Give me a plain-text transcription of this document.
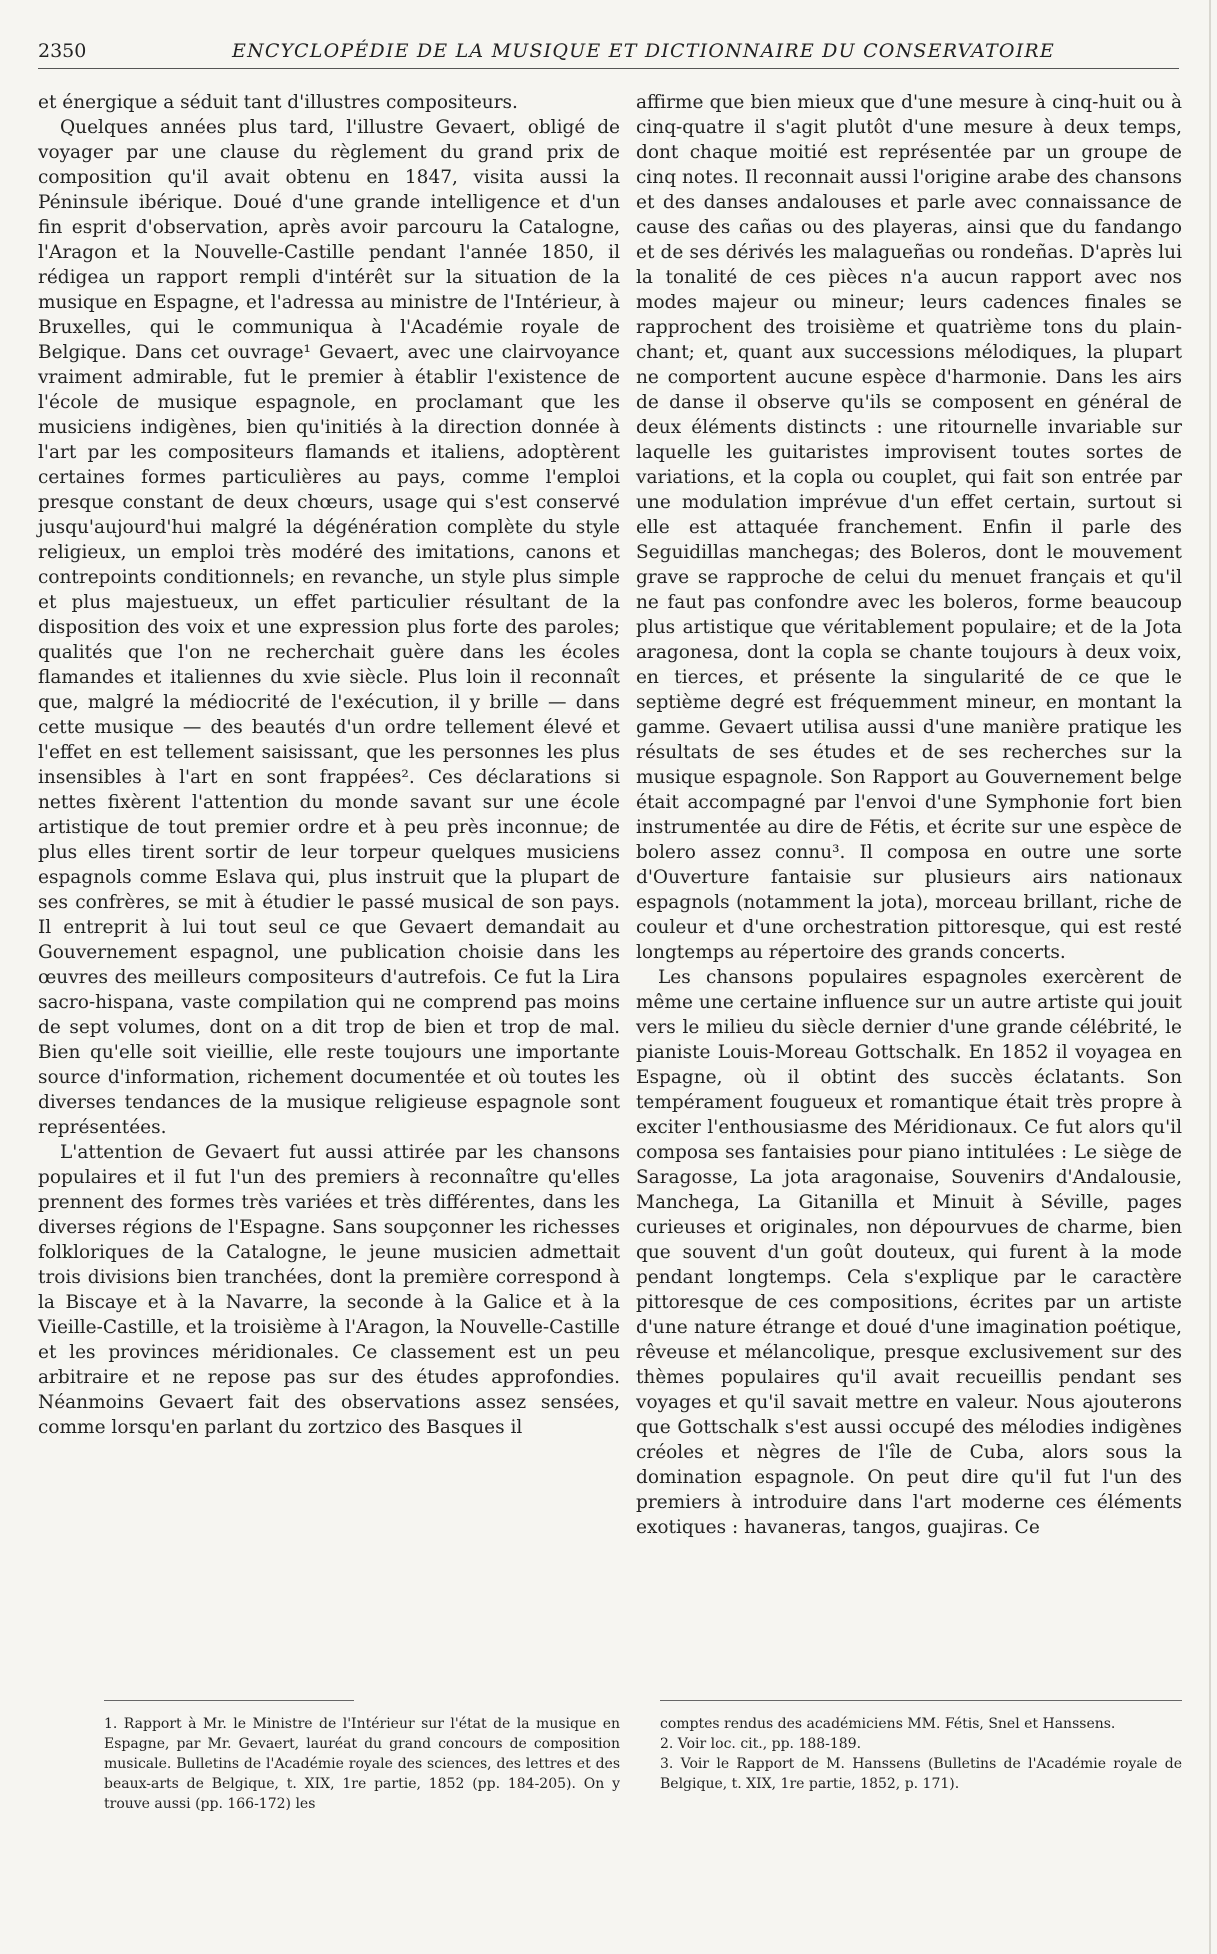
2350	ENCYCLOPÉDIE DE LA MUSIQUE ET DICTIONNAIRE DU CONSERVATOIRE

et énergique a séduit tant d'illustres compositeurs.

Quelques années plus tard, l'illustre Gevaert, obligé de voyager par une clause du règlement du grand prix de composition qu'il avait obtenu en 1847, visita aussi la Péninsule ibérique. Doué d'une grande intelligence et d'un fin esprit d'observation, après avoir parcouru la Catalogne, l'Aragon et la Nouvelle-Castille pendant l'année 1850, il rédigea un rapport rempli d'intérêt sur la situation de la musique en Espagne, et l'adressa au ministre de l'Intérieur, à Bruxelles, qui le communiqua à l'Académie royale de Belgique. Dans cet ouvrage¹ Gevaert, avec une clairvoyance vraiment admirable, fut le premier à établir l'existence de l'école de musique espagnole, en proclamant que les musiciens indigènes, bien qu'initiés à la direction donnée à l'art par les compositeurs flamands et italiens, adoptèrent certaines formes particulières au pays, comme l'emploi presque constant de deux chœurs, usage qui s'est conservé jusqu'aujourd'hui malgré la dégénération complète du style religieux, un emploi très modéré des imitations, canons et contrepoints conditionnels; en revanche, un style plus simple et plus majestueux, un effet particulier résultant de la disposition des voix et une expression plus forte des paroles; qualités que l'on ne recherchait guère dans les écoles flamandes et italiennes du xvie siècle. Plus loin il reconnaît que, malgré la médiocrité de l'exécution, il y brille — dans cette musique — des beautés d'un ordre tellement élevé et l'effet en est tellement saisissant, que les personnes les plus insensibles à l'art en sont frappées². Ces déclarations si nettes fixèrent l'attention du monde savant sur une école artistique de tout premier ordre et à peu près inconnue; de plus elles tirent sortir de leur torpeur quelques musiciens espagnols comme Eslava qui, plus instruit que la plupart de ses confrères, se mit à étudier le passé musical de son pays. Il entreprit à lui tout seul ce que Gevaert demandait au Gouvernement espagnol, une publication choisie dans les œuvres des meilleurs compositeurs d'autrefois. Ce fut la Lira sacro-hispana, vaste compilation qui ne comprend pas moins de sept volumes, dont on a dit trop de bien et trop de mal. Bien qu'elle soit vieillie, elle reste toujours une importante source d'information, richement documentée et où toutes les diverses tendances de la musique religieuse espagnole sont représentées.

L'attention de Gevaert fut aussi attirée par les chansons populaires et il fut l'un des premiers à reconnaître qu'elles prennent des formes très variées et très différentes, dans les diverses régions de l'Espagne. Sans soupçonner les richesses folkloriques de la Catalogne, le jeune musicien admettait trois divisions bien tranchées, dont la première correspond à la Biscaye et à la Navarre, la seconde à la Galice et à la Vieille-Castille, et la troisième à l'Aragon, la Nouvelle-Castille et les provinces méridionales. Ce classement est un peu arbitraire et ne repose pas sur des études approfondies. Néanmoins Gevaert fait des observations assez sensées, comme lorsqu'en parlant du zortzico des Basques il

affirme que bien mieux que d'une mesure à cinq-huit ou à cinq-quatre il s'agit plutôt d'une mesure à deux temps, dont chaque moitié est représentée par un groupe de cinq notes. Il reconnait aussi l'origine arabe des chansons et des danses andalouses et parle avec connaissance de cause des cañas ou des playeras, ainsi que du fandango et de ses dérivés les malagueñas ou rondeñas. D'après lui la tonalité de ces pièces n'a aucun rapport avec nos modes majeur ou mineur; leurs cadences finales se rapprochent des troisième et quatrième tons du plain-chant; et, quant aux successions mélodiques, la plupart ne comportent aucune espèce d'harmonie. Dans les airs de danse il observe qu'ils se composent en général de deux éléments distincts : une ritournelle invariable sur laquelle les guitaristes improvisent toutes sortes de variations, et la copla ou couplet, qui fait son entrée par une modulation imprévue d'un effet certain, surtout si elle est attaquée franchement. Enfin il parle des Seguidillas manchegas; des Boleros, dont le mouvement grave se rapproche de celui du menuet français et qu'il ne faut pas confondre avec les boleros, forme beaucoup plus artistique que véritablement populaire; et de la Jota aragonesa, dont la copla se chante toujours à deux voix, en tierces, et présente la singularité de ce que le septième degré est fréquemment mineur, en montant la gamme. Gevaert utilisa aussi d'une manière pratique les résultats de ses études et de ses recherches sur la musique espagnole. Son Rapport au Gouvernement belge était accompagné par l'envoi d'une Symphonie fort bien instrumentée au dire de Fétis, et écrite sur une espèce de bolero assez connu³. Il composa en outre une sorte d'Ouverture fantaisie sur plusieurs airs nationaux espagnols (notamment la jota), morceau brillant, riche de couleur et d'une orchestration pittoresque, qui est resté longtemps au répertoire des grands concerts.

Les chansons populaires espagnoles exercèrent de même une certaine influence sur un autre artiste qui jouit vers le milieu du siècle dernier d'une grande célébrité, le pianiste Louis-Moreau Gottschalk. En 1852 il voyagea en Espagne, où il obtint des succès éclatants. Son tempérament fougueux et romantique était très propre à exciter l'enthousiasme des Méridionaux. Ce fut alors qu'il composa ses fantaisies pour piano intitulées : Le siège de Saragosse, La jota aragonaise, Souvenirs d'Andalousie, Manchega, La Gitanilla et Minuit à Séville, pages curieuses et originales, non dépourvues de charme, bien que souvent d'un goût douteux, qui furent à la mode pendant longtemps. Cela s'explique par le caractère pittoresque de ces compositions, écrites par un artiste d'une nature étrange et doué d'une imagination poétique, rêveuse et mélancolique, presque exclusivement sur des thèmes populaires qu'il avait recueillis pendant ses voyages et qu'il savait mettre en valeur. Nous ajouterons que Gottschalk s'est aussi occupé des mélodies indigènes créoles et nègres de l'île de Cuba, alors sous la domination espagnole. On peut dire qu'il fut l'un des premiers à introduire dans l'art moderne ces éléments exotiques : havaneras, tangos, guajiras. Ce

1. Rapport à Mr. le Ministre de l'Intérieur sur l'état de la musique en Espagne, par Mr. Gevaert, lauréat du grand concours de composition musicale. Bulletins de l'Académie royale des sciences, des lettres et des beaux-arts de Belgique, t. XIX, 1re partie, 1852 (pp. 184-205). On y trouve aussi (pp. 166-172) les

comptes rendus des académiciens MM. Fétis, Snel et Hanssens.

2. Voir loc. cit., pp. 188-189.

3. Voir le Rapport de M. Hanssens (Bulletins de l'Académie royale de Belgique, t. XIX, 1re partie, 1852, p. 171).
